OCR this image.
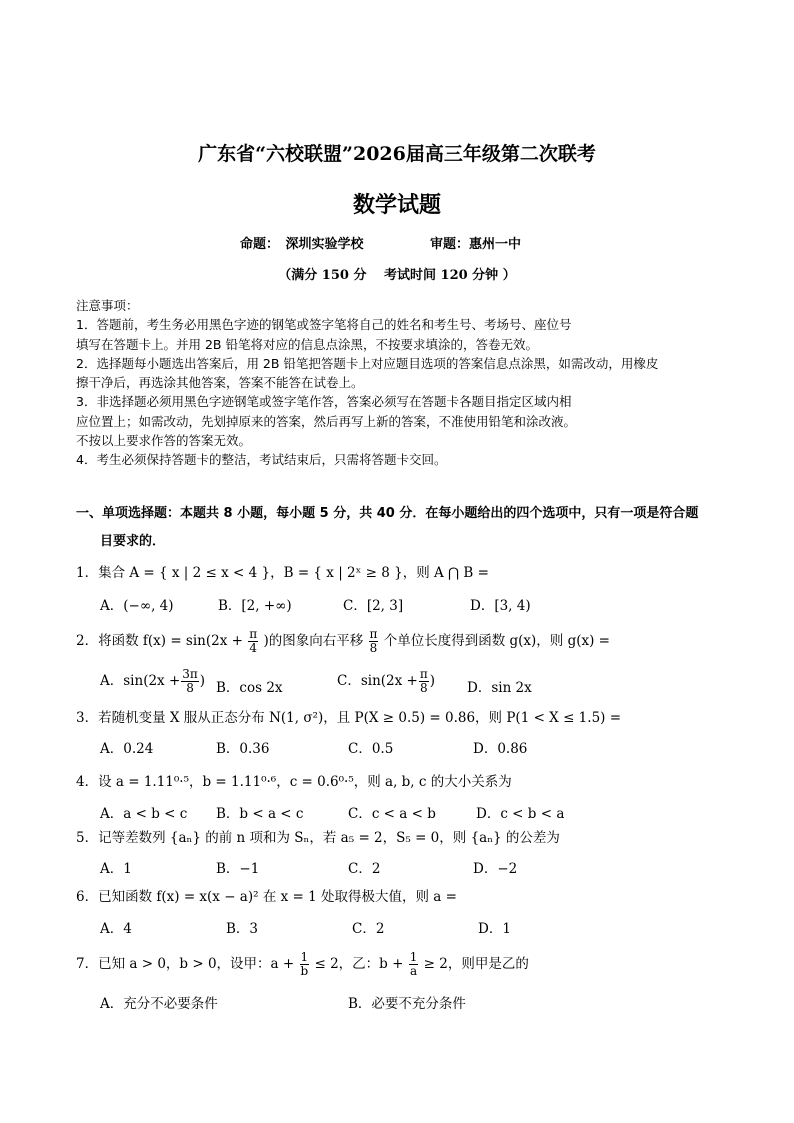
广东省“六校联盟”2026届高三年级第二次联考
数学试题
命题：　深圳实验学校	审题：惠州一中
（满分 150 分　 考试时间 120 分钟 ）
注意事项：
1．答题前，考生务必用黑色字迹的钢笔或签字笔将自己的姓名和考生号、考场号、座位号
填写在答题卡上。并用 2B 铅笔将对应的信息点涂黑，不按要求填涂的，答卷无效。
2．选择题每小题选出答案后，用 2B 铅笔把答题卡上对应题目选项的答案信息点涂黑，如需改动，用橡皮
擦干净后，再选涂其他答案，答案不能答在试卷上。
3．非选择题必须用黑色字迹钢笔或签字笔作答，答案必须写在答题卡各题目指定区域内相
应位置上；如需改动，先划掉原来的答案，然后再写上新的答案，不准使用铅笔和涂改液。
不按以上要求作答的答案无效。
4．考生必须保持答题卡的整洁，考试结束后，只需将答题卡交回。
一、单项选择题：本题共 8 小题，每小题 5 分，共 40 分．在每小题给出的四个选项中，只有一项是符合题
目要求的．
1．集合 A = { x | 2 ≤ x < 4 }，B = { x | 2ˣ ≥ 8 }，则 A ⋂ B =
A．(−∞, 4)	B．[2, +∞)	C．[2, 3]	D．[3, 4)
2．将函数 $f(x) = \sin(2x + \frac{\pi}{4}$ )的图象向右平移 $\frac{\pi}{8}$ 个单位长度得到函数 g(x)，则 g(x) =
A．$\sin(2x + \frac{3\pi}{8}$ ) B．cos 2x	C．$\sin(2x + \frac{\pi}{8}$ ) D．sin 2x
3．若随机变量 X 服从正态分布 N(1, σ²)，且 P(X ≥ 0.5) = 0.86，则 P(1 < X ≤ 1.5) =
A．0.24	B．0.36	C．0.5	D．0.86
4．设 a = 1.11⁰·⁵，b = 1.11⁰·⁶，c = 0.6⁰·⁵，则 a, b, c 的大小关系为
A．a < b < c B．b < a < c	C．c < a < b	D．c < b < a
5．记等差数列 {aₙ} 的前 n 项和为 Sₙ，若 a₅ = 2，S₅ = 0，则 {aₙ} 的公差为
A．1	B．−1	C．2	D．−2
6．已知函数 f(x) = x(x − a)² 在 x = 1 处取得极大值，则 a =
A．4	B．3	C．2	D．1
7．已知 a > 0，b > 0，设甲：$a + \frac{1}{b} \le 2$，乙：$b + \frac{1}{a} \ge 2$，则甲是乙的
A．充分不必要条件	B．必要不充分条件
